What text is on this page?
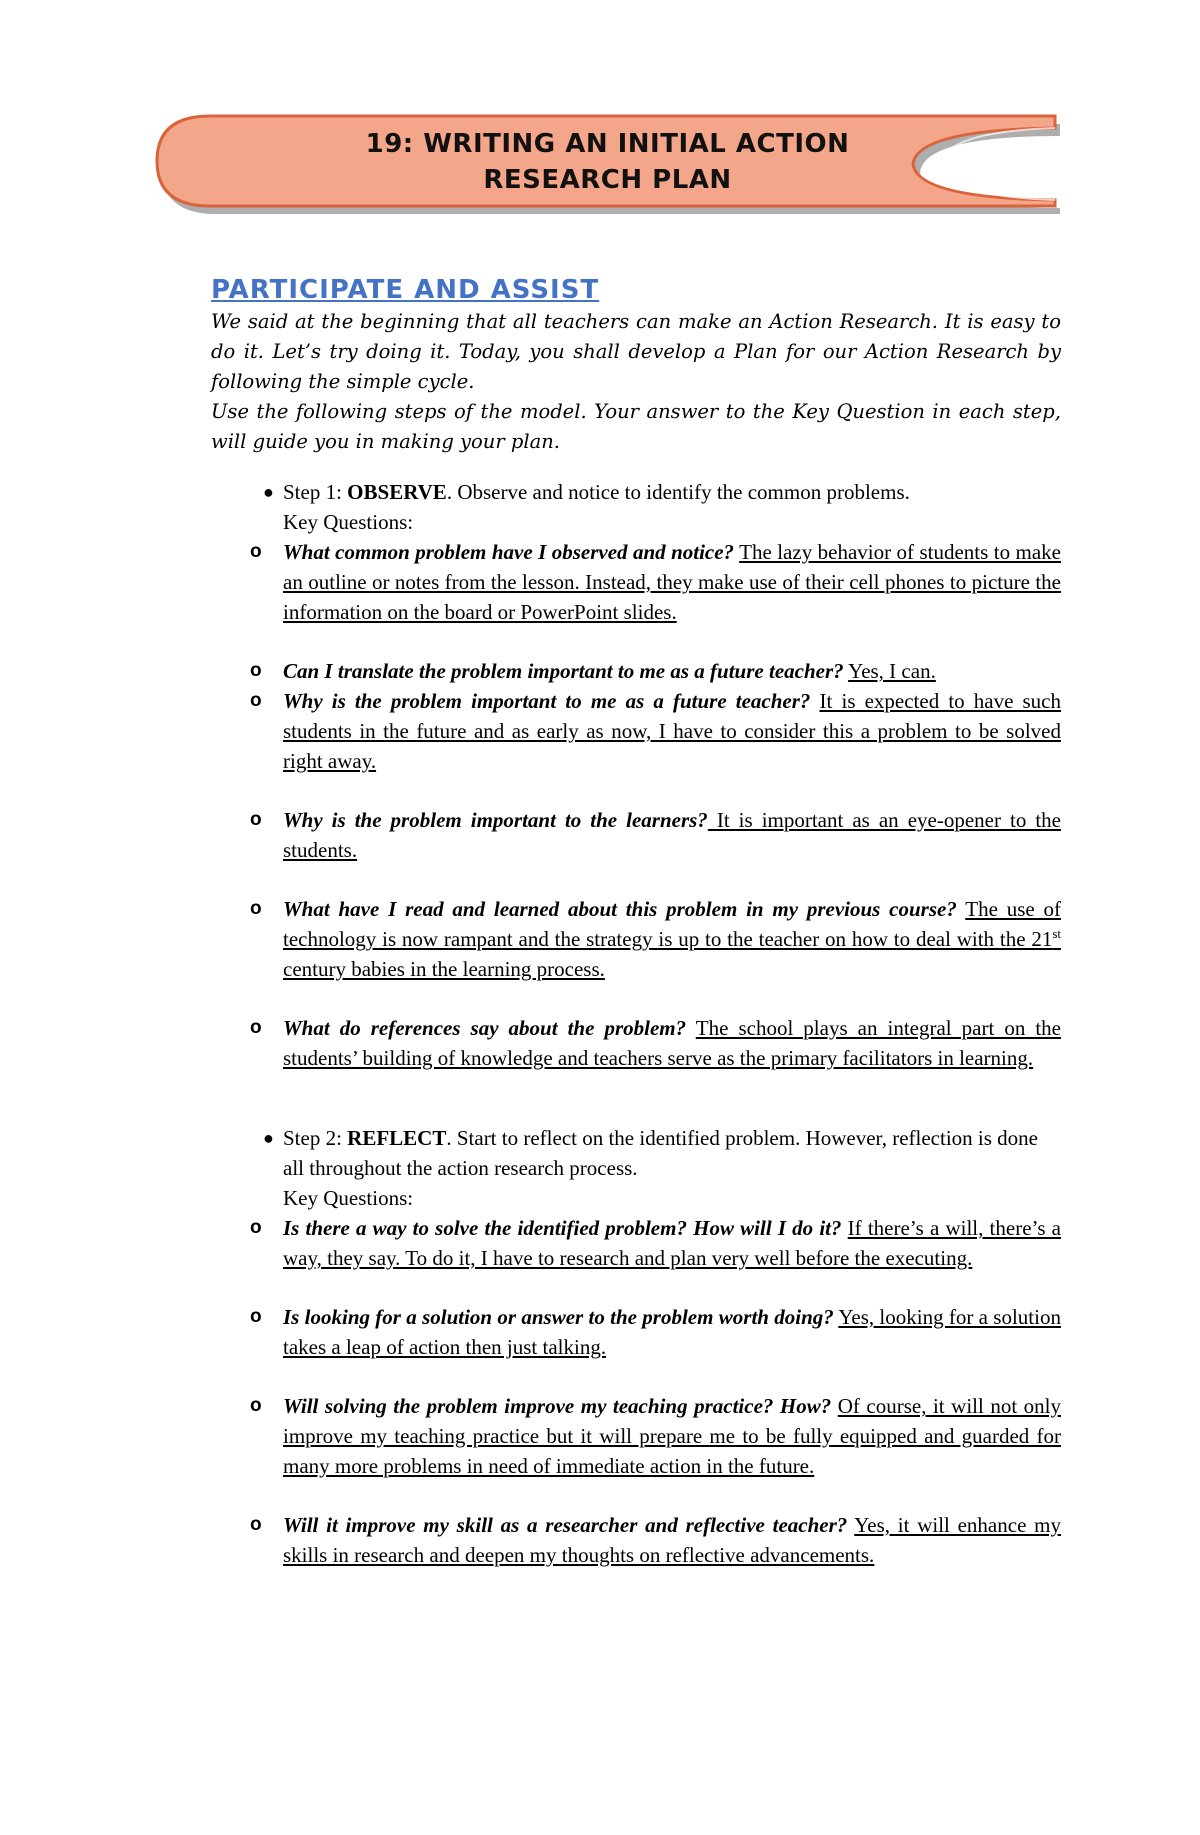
19: WRITING AN INITIAL ACTION
RESEARCH PLAN
PARTICIPATE AND ASSIST

We said at the beginning that all teachers can make an Action Research. It is easy to do it. Let’s try doing it. Today, you shall develop a Plan for our Action Research by following the simple cycle.

Use the following steps of the model. Your answer to the Key Question in each step, will guide you in making your plan.

● Step 1: OBSERVE. Observe and notice to identify the common problems.
Key Questions:
o What common problem have I observed and notice? The lazy behavior of students to make an outline or notes from the lesson. Instead, they make use of their cell phones to picture the information on the board or PowerPoint slides.
o Can I translate the problem important to me as a future teacher? Yes, I can.
o Why is the problem important to me as a future teacher? It is expected to have such students in the future and as early as now, I have to consider this a problem to be solved right away.
o Why is the problem important to the learners? It is important as an eye-opener to the students.
o What have I read and learned about this problem in my previous course? The use of technology is now rampant and the strategy is up to the teacher on how to deal with the 21st century babies in the learning process.
o What do references say about the problem? The school plays an integral part on the students’ building of knowledge and teachers serve as the primary facilitators in learning.
● Step 2: REFLECT. Start to reflect on the identified problem. However, reflection is done all throughout the action research process.
Key Questions:
o Is there a way to solve the identified problem? How will I do it? If there’s a will, there’s a way, they say. To do it, I have to research and plan very well before the executing.
o Is looking for a solution or answer to the problem worth doing? Yes, looking for a solution takes a leap of action then just talking.
o Will solving the problem improve my teaching practice? How? Of course, it will not only improve my teaching practice but it will prepare me to be fully equipped and guarded for many more problems in need of immediate action in the future.
o Will it improve my skill as a researcher and reflective teacher? Yes, it will enhance my skills in research and deepen my thoughts on reflective advancements.
